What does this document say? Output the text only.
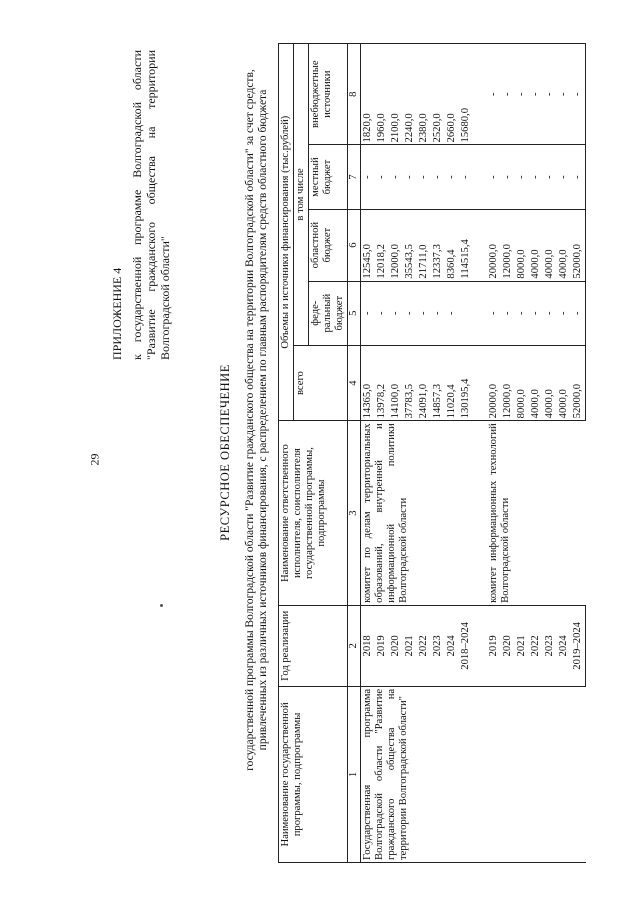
29
ПРИЛОЖЕНИЕ 4 к государственной программе Волгоградской области "Развитие гражданского общества на территории Волгоградской области"
РЕСУРСНОЕ ОБЕСПЕЧЕНИЕ государственной программы Волгоградской области "Развитие гражданского общества на территории Волгоградской области" за счет средств, привлеченных из различных источников финансирования, с распределением по главным распорядителям средств областного бюджета
Наименование государственной программы, подпрограммы	Год реализации	Наименование ответственного исполнителя, соисполнителя государственной программы, подпрограммы	Объемы и источники финансирования (тыс.рублей)				
			всего	в том числе			
				феде-ральный бюджет	областной бюджет	местный бюджет	внебюджетные источники
1	2	3	4	5	6	7	8
Государственная программа Волгоградской области "Развитие гражданского общества на территории Волгоградской области"	2018	комитет по делам территориальных образований, внутренней и информационной политики Волгоградской области	14365,0	-	12545,0	-	1820,0
	2019		13978,2	-	12018,2	-	1960,0
	2020		14100,0	-	12000,0	-	2100,0
	2021		37783,5	-	35543,5	-	2240,0
	2022		24091,0	-	21711,0	-	2380,0
	2023		14857,3	-	12337,3	-	2520,0
	2024		11020,4	-	8360,4	-	2660,0
	2018–2024		130195,4		114515,4	-	15680,0

	2019	комитет информационных технологий Волгоградской области	20000,0	-	20000,0	-	-
	2020		12000,0	-	12000,0	-	-
	2021		8000,0	-	8000,0	-	-
	2022		4000,0	-	4000,0	-	-
	2023		4000,0	-	4000,0	-	-
	2024		4000,0	-	4000,0	-	-
	2019–2024		52000,0	-	52000,0	-	-
